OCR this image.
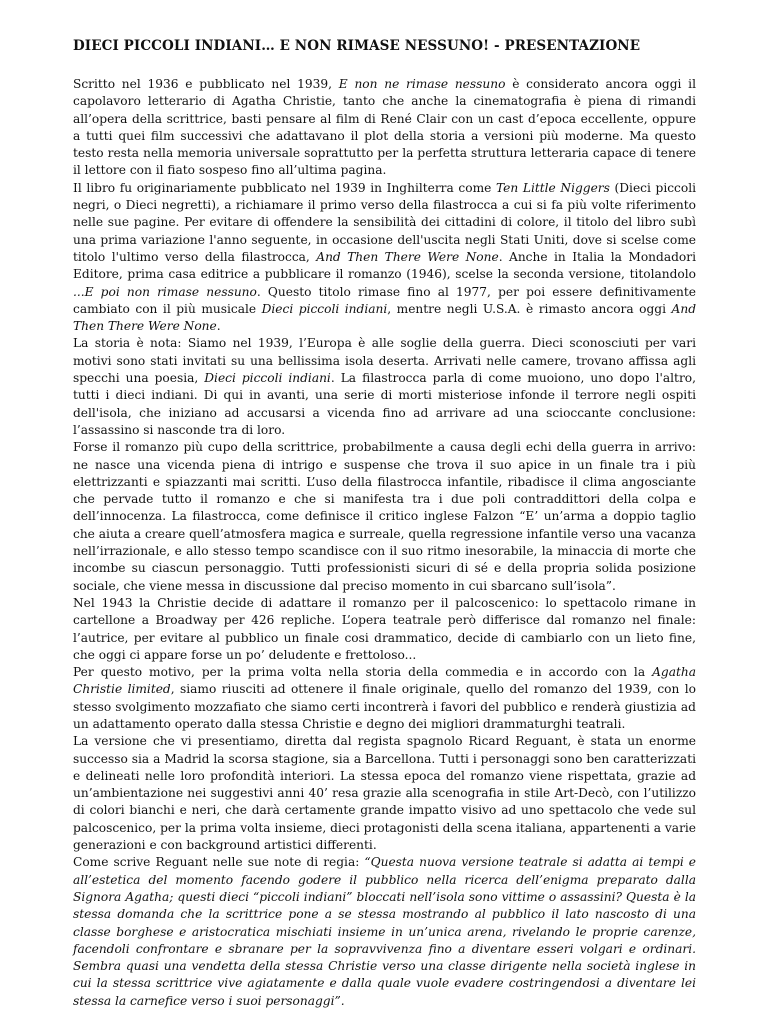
DIECI PICCOLI INDIANI… E NON RIMASE NESSUNO! - PRESENTAZIONE

Scritto nel 1936 e pubblicato nel 1939, E non ne rimase nessuno è considerato ancora oggi il capolavoro letterario di Agatha Christie, tanto che anche la cinematografia è piena di rimandi all’opera della scrittrice, basti pensare al film di René Clair con un cast d’epoca eccellente, oppure a tutti quei film successivi che adattavano il plot della storia a versioni più moderne. Ma questo testo resta nella memoria universale soprattutto per la perfetta struttura letteraria capace di tenere il lettore con il fiato sospeso fino all’ultima pagina.

Il libro fu originariamente pubblicato nel 1939 in Inghilterra come Ten Little Niggers (Dieci piccoli negri, o Dieci negretti), a richiamare il primo verso della filastrocca a cui si fa più volte riferimento nelle sue pagine. Per evitare di offendere la sensibilità dei cittadini di colore, il titolo del libro subì una prima variazione l'anno seguente, in occasione dell'uscita negli Stati Uniti, dove si scelse come titolo l'ultimo verso della filastrocca, And Then There Were None. Anche in Italia la Mondadori Editore, prima casa editrice a pubblicare il romanzo (1946), scelse la seconda versione, titolandolo ...E poi non rimase nessuno. Questo titolo rimase fino al 1977, per poi essere definitivamente cambiato con il più musicale Dieci piccoli indiani, mentre negli U.S.A. è rimasto ancora oggi And Then There Were None.

La storia è nota: Siamo nel 1939, l’Europa è alle soglie della guerra. Dieci sconosciuti per vari motivi sono stati invitati su una bellissima isola deserta. Arrivati nelle camere, trovano affissa agli specchi una poesia, Dieci piccoli indiani. La filastrocca parla di come muoiono, uno dopo l'altro, tutti i dieci indiani. Di qui in avanti, una serie di morti misteriose infonde il terrore negli ospiti dell'isola, che iniziano ad accusarsi a vicenda fino ad arrivare ad una scioccante conclusione: l’assassino si nasconde tra di loro.

Forse il romanzo più cupo della scrittrice, probabilmente a causa degli echi della guerra in arrivo: ne nasce una vicenda piena di intrigo e suspense che trova il suo apice in un finale tra i più elettrizzanti e spiazzanti mai scritti. L’uso della filastrocca infantile, ribadisce il clima angosciante che pervade tutto il romanzo e che si manifesta tra i due poli contraddittori della colpa e dell’innocenza. La filastrocca, come definisce il critico inglese Falzon “E’ un’arma a doppio taglio che aiuta a creare quell’atmosfera magica e surreale, quella regressione infantile verso una vacanza nell’irrazionale, e allo stesso tempo scandisce con il suo ritmo inesorabile, la minaccia di morte che incombe su ciascun personaggio. Tutti professionisti sicuri di sé e della propria solida posizione sociale, che viene messa in discussione dal preciso momento in cui sbarcano sull’isola”.

Nel 1943 la Christie decide di adattare il romanzo per il palcoscenico: lo spettacolo rimane in cartellone a Broadway per 426 repliche. L’opera teatrale però differisce dal romanzo nel finale: l’autrice, per evitare al pubblico un finale cosi drammatico, decide di cambiarlo con un lieto fine, che oggi ci appare forse un po’ deludente e frettoloso...

Per questo motivo, per la prima volta nella storia della commedia e in accordo con la Agatha Christie limited, siamo riusciti ad ottenere il finale originale, quello del romanzo del 1939, con lo stesso svolgimento mozzafiato che siamo certi incontrerà i favori del pubblico e renderà giustizia ad un adattamento operato dalla stessa Christie e degno dei migliori drammaturghi teatrali.

La versione che vi presentiamo, diretta dal regista spagnolo Ricard Reguant, è stata un enorme successo sia a Madrid la scorsa stagione, sia a Barcellona. Tutti i personaggi sono ben caratterizzati e delineati nelle loro profondità interiori. La stessa epoca del romanzo viene rispettata, grazie ad un’ambientazione nei suggestivi anni 40’ resa grazie alla scenografia in stile Art-Decò, con l’utilizzo di colori bianchi e neri, che darà certamente grande impatto visivo ad uno spettacolo che vede sul palcoscenico, per la prima volta insieme, dieci protagonisti della scena italiana, appartenenti a varie generazioni e con background artistici differenti.

Come scrive Reguant nelle sue note di regia: “Questa nuova versione teatrale si adatta ai tempi e all’estetica del momento facendo godere il pubblico nella ricerca dell’enigma preparato dalla Signora Agatha; questi dieci “piccoli indiani” bloccati nell’isola sono vittime o assassini? Questa è la stessa domanda che la scrittrice pone a se stessa mostrando al pubblico il lato nascosto di una classe borghese e aristocratica mischiati insieme in un’unica arena, rivelando le proprie carenze, facendoli confrontare e sbranare per la sopravvivenza fino a diventare esseri volgari e ordinari. Sembra quasi una vendetta della stessa Christie verso una classe dirigente nella società inglese in cui la stessa scrittrice vive agiatamente e dalla quale vuole evadere costringendosi a diventare lei stessa la carnefice verso i suoi personaggi”.
